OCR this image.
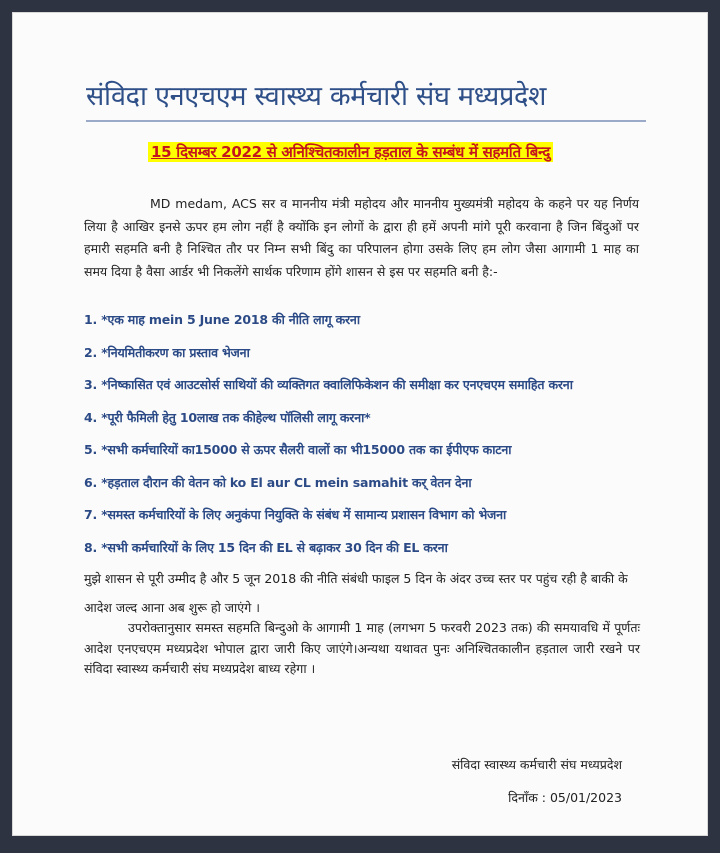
संविदा एनएचएम स्वास्थ्य कर्मचारी संघ मध्यप्रदेश
15 दिसम्बर 2022 से अनिश्चितकालीन हड़ताल के सम्बंध में सहमति बिन्दु
MD medam, ACS सर व माननीय मंत्री महोदय और माननीय मुख्यमंत्री महोदय के कहने पर यह निर्णय लिया है आखिर इनसे ऊपर हम लोग नहीं है क्योंकि इन लोगों के द्वारा ही हमें अपनी मांगे पूरी करवाना है जिन बिंदुओं पर हमारी सहमति बनी है निश्चित तौर पर निम्न सभी बिंदु का परिपालन होगा उसके लिए हम लोग जैसा आगामी 1 माह का समय दिया है वैसा आर्डर भी निकलेंगे सार्थक परिणाम होंगे शासन से इस पर सहमति बनी है:-
1. *एक माह mein 5 June 2018 की नीति लागू करना
2. *नियमितीकरण का प्रस्ताव भेजना
3. *निष्कासित एवं आउटसोर्स साथियों की व्यक्तिगत क्वालिफिकेशन की समीक्षा कर एनएचएम समाहित करना
4. *पूरी फैमिली हेतु 10लाख तक कीहेल्थ पॉलिसी लागू करना*
5. *सभी कर्मचारियों का15000 से ऊपर सैलरी वालों का भी15000 तक का ईपीएफ काटना
6. *हड़ताल दौरान की वेतन को ko El aur CL mein samahit कर् वेतन देना
7. *समस्त कर्मचारियों के लिए अनुकंपा नियुक्ति के संबंध में सामान्य प्रशासन विभाग को भेजना
8. *सभी कर्मचारियों के लिए 15 दिन की EL से बढ़ाकर 30 दिन की EL करना
मुझे शासन से पूरी उम्मीद है और 5 जून 2018 की नीति संबंधी फाइल 5 दिन के अंदर उच्च स्तर पर पहुंच रही है बाकी के आदेश जल्द आना अब शुरू हो जाएंगे ।
उपरोक्तानुसार समस्त सहमति बिन्दुओ के आगामी 1 माह (लगभग 5 फरवरी 2023 तक) की समयावधि में पूर्णतः आदेश एनएचएम मध्यप्रदेश भोपाल द्वारा जारी किए जाएंगे।अन्यथा यथावत पुनः अनिश्चितकालीन हड़ताल जारी रखने पर संविदा स्वास्थ्य कर्मचारी संघ मध्यप्रदेश बाध्य रहेगा ।
संविदा स्वास्थ्य कर्मचारी संघ मध्यप्रदेश
दिनाँक : 05/01/2023
